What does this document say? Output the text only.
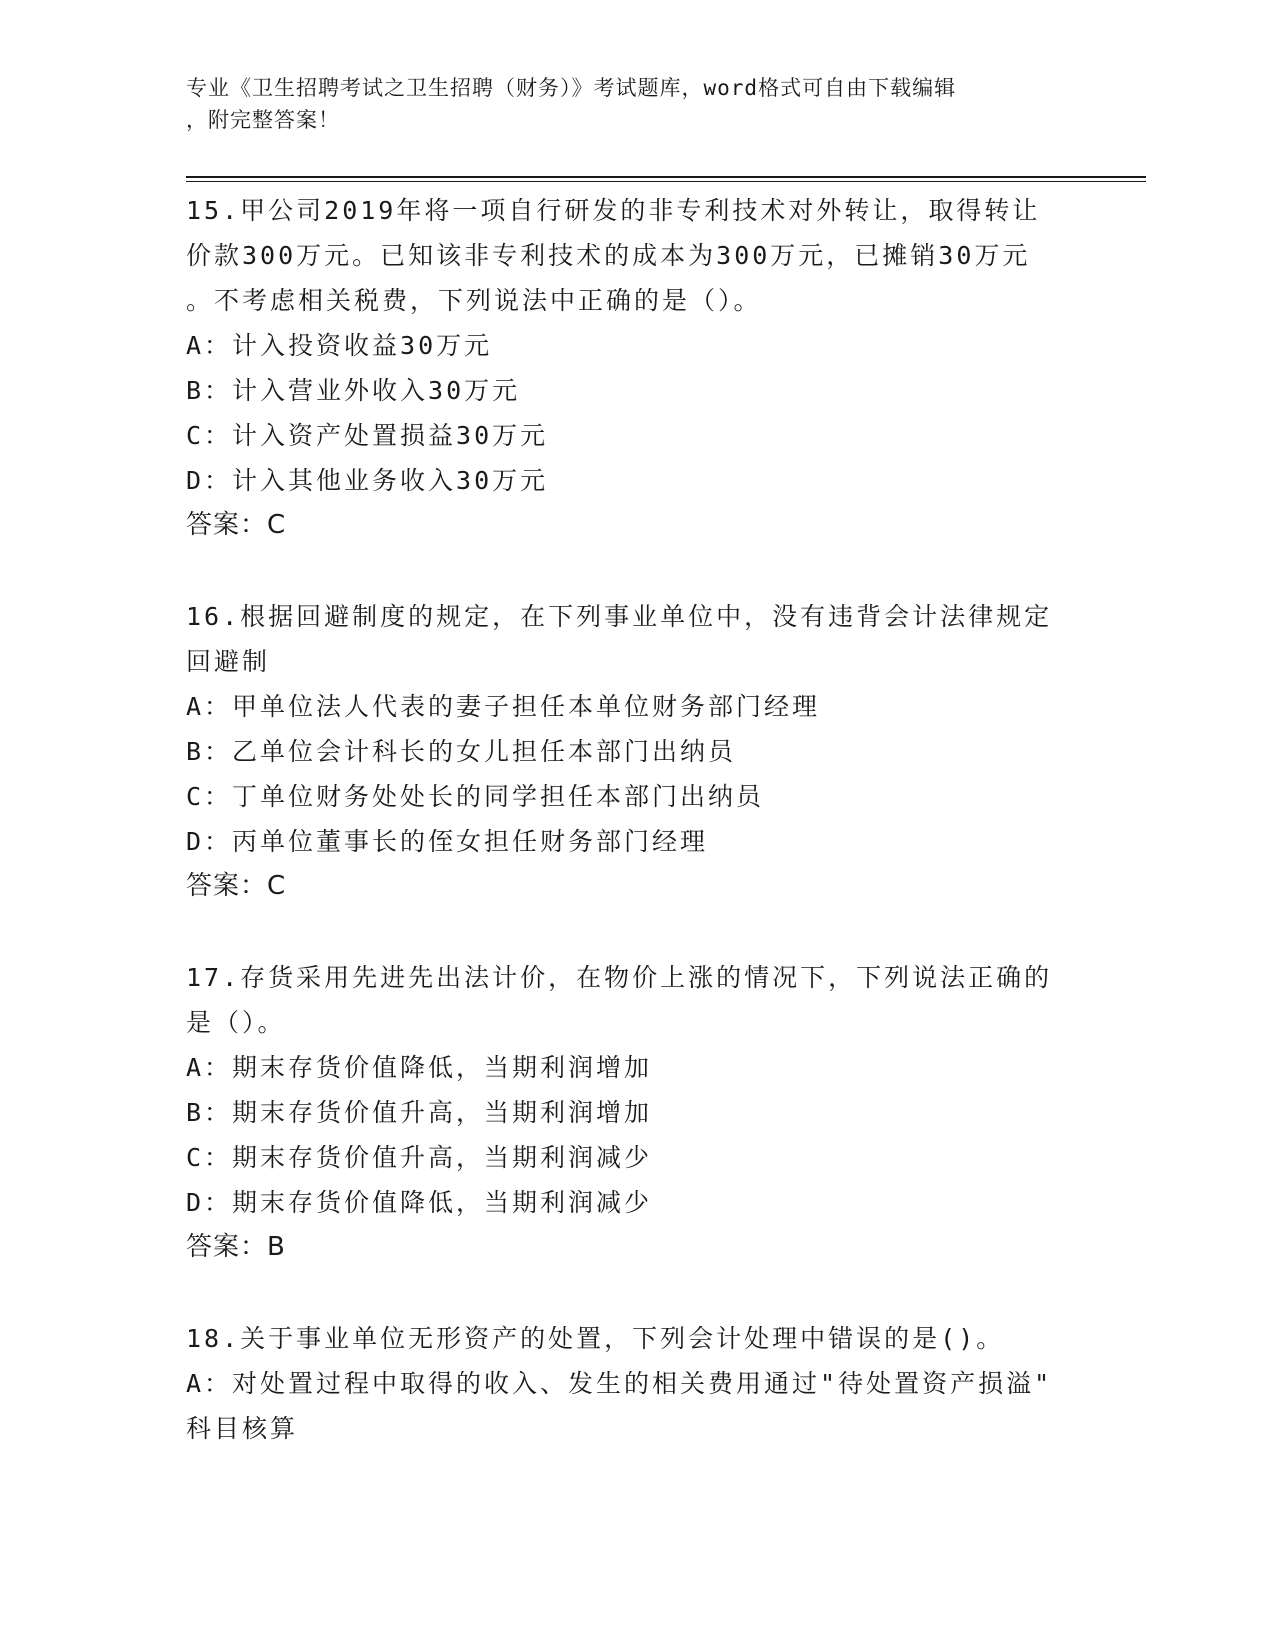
专业《卫生招聘考试之卫生招聘（财务）》考试题库，word格式可自由下载编辑
，附完整答案！
15.甲公司2019年将一项自行研发的非专利技术对外转让，取得转让
价款300万元。已知该非专利技术的成本为300万元，已摊销30万元
。不考虑相关税费，下列说法中正确的是（）。
A：计入投资收益30万元
B：计入营业外收入30万元
C：计入资产处置损益30万元
D：计入其他业务收入30万元
答案：C
16.根据回避制度的规定，在下列事业单位中，没有违背会计法律规定
回避制
A：甲单位法人代表的妻子担任本单位财务部门经理
B：乙单位会计科长的女儿担任本部门出纳员
C：丁单位财务处处长的同学担任本部门出纳员
D：丙单位董事长的侄女担任财务部门经理
答案：C
17.存货采用先进先出法计价，在物价上涨的情况下，下列说法正确的
是（）。
A：期末存货价值降低，当期利润增加
B：期末存货价值升高，当期利润增加
C：期末存货价值升高，当期利润减少
D：期末存货价值降低，当期利润减少
答案：B
18.关于事业单位无形资产的处置，下列会计处理中错误的是()。
A：对处置过程中取得的收入、发生的相关费用通过"待处置资产损溢"
科目核算
